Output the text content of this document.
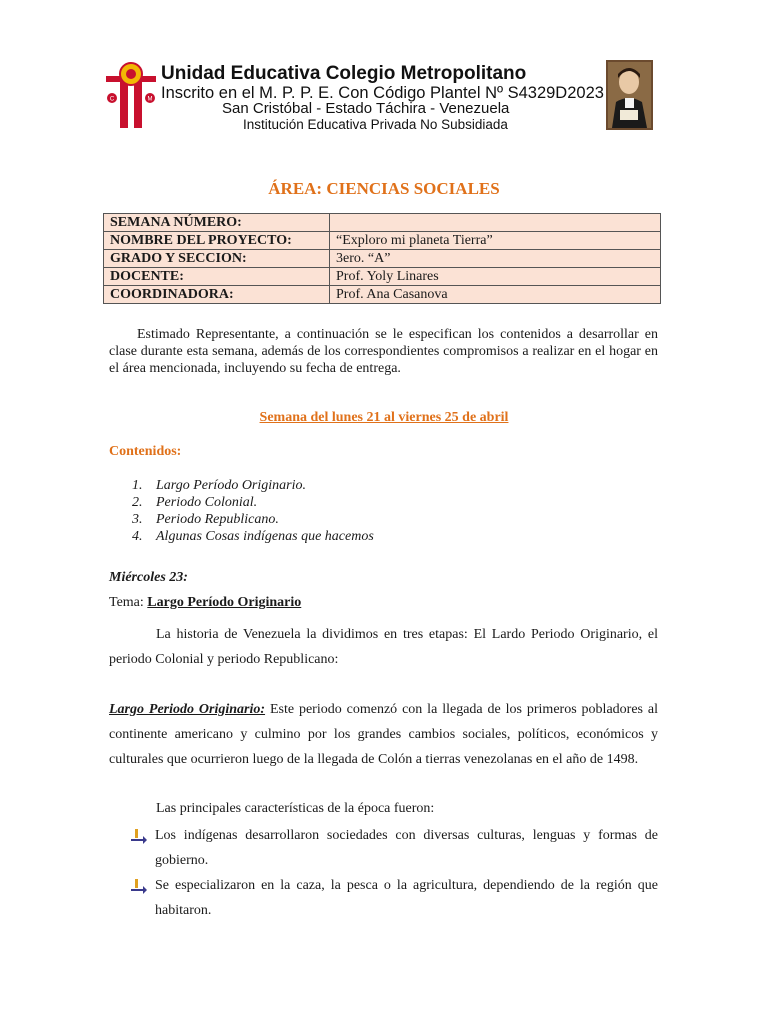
C	M
Unidad Educativa Colegio Metropolitano
Inscrito en el M. P. P. E. Con Código Plantel Nº S4329D2023
San Cristóbal - Estado Táchira - Venezuela
Institución Educativa Privada No Subsidiada
ÁREA: CIENCIAS SOCIALES
SEMANA NÚMERO:	
NOMBRE DEL PROYECTO:	“Exploro mi planeta Tierra”
GRADO Y SECCION:	3ero. “A”
DOCENTE:	Prof. Yoly Linares
COORDINADORA:	Prof. Ana Casanova
Estimado Representante, a continuación se le especifican los contenidos a desarrollar en clase durante esta semana, además de los correspondientes compromisos a realizar en el hogar en el área mencionada, incluyendo su fecha de entrega.
Semana del lunes 21 al viernes 25 de abril
Contenidos:
1. Largo Período Originario.
2. Periodo Colonial.
3. Periodo Republicano.
4. Algunas Cosas indígenas que hacemos
Miércoles 23:
Tema: Largo Período Originario
La historia de Venezuela la dividimos en tres etapas: El Lardo Periodo Originario, el periodo Colonial y periodo Republicano:
Largo Periodo Originario: Este periodo comenzó con la llegada de los primeros pobladores al continente americano y culmino por los grandes cambios sociales, políticos, económicos y culturales que ocurrieron luego de la llegada de Colón a tierras venezolanas en el año de 1498.
Las principales características de la época fueron:
Los indígenas desarrollaron sociedades con diversas culturas, lenguas y formas de gobierno.
Se especializaron en la caza, la pesca o la agricultura, dependiendo de la región que habitaron.
